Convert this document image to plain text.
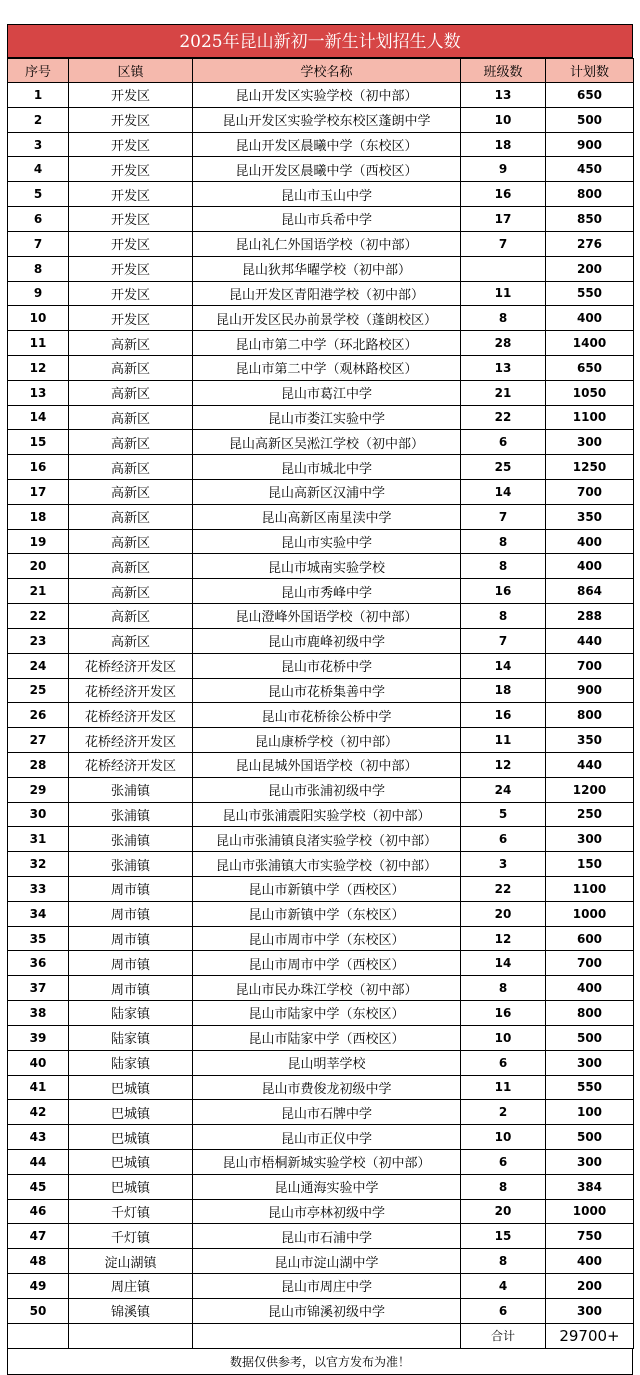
2025年昆山新初一新生计划招生人数
序号	区镇	学校名称	班级数	计划数
1	开发区	昆山开发区实验学校（初中部）	13	650
2	开发区	昆山开发区实验学校东校区蓬朗中学	10	500
3	开发区	昆山开发区晨曦中学（东校区）	18	900
4	开发区	昆山开发区晨曦中学（西校区）	9	450
5	开发区	昆山市玉山中学	16	800
6	开发区	昆山市兵希中学	17	850
7	开发区	昆山礼仁外国语学校（初中部）	7	276
8	开发区	昆山狄邦华曜学校（初中部）		200
9	开发区	昆山开发区青阳港学校（初中部）	11	550
10	开发区	昆山开发区民办前景学校（蓬朗校区）	8	400
11	高新区	昆山市第二中学（环北路校区）	28	1400
12	高新区	昆山市第二中学（观林路校区）	13	650
13	高新区	昆山市葛江中学	21	1050
14	高新区	昆山市娄江实验中学	22	1100
15	高新区	昆山高新区吴淞江学校（初中部）	6	300
16	高新区	昆山市城北中学	25	1250
17	高新区	昆山高新区汉浦中学	14	700
18	高新区	昆山高新区南星渎中学	7	350
19	高新区	昆山市实验中学	8	400
20	高新区	昆山市城南实验学校	8	400
21	高新区	昆山市秀峰中学	16	864
22	高新区	昆山澄峰外国语学校（初中部）	8	288
23	高新区	昆山市鹿峰初级中学	7	440
24	花桥经济开发区	昆山市花桥中学	14	700
25	花桥经济开发区	昆山市花桥集善中学	18	900
26	花桥经济开发区	昆山市花桥徐公桥中学	16	800
27	花桥经济开发区	昆山康桥学校（初中部）	11	350
28	花桥经济开发区	昆山昆城外国语学校（初中部）	12	440
29	张浦镇	昆山市张浦初级中学	24	1200
30	张浦镇	昆山市张浦震阳实验学校（初中部）	5	250
31	张浦镇	昆山市张浦镇良渚实验学校（初中部）	6	300
32	张浦镇	昆山市张浦镇大市实验学校（初中部）	3	150
33	周市镇	昆山市新镇中学（西校区）	22	1100
34	周市镇	昆山市新镇中学（东校区）	20	1000
35	周市镇	昆山市周市中学（东校区）	12	600
36	周市镇	昆山市周市中学（西校区）	14	700
37	周市镇	昆山市民办珠江学校（初中部）	8	400
38	陆家镇	昆山市陆家中学（东校区）	16	800
39	陆家镇	昆山市陆家中学（西校区）	10	500
40	陆家镇	昆山明莘学校	6	300
41	巴城镇	昆山市费俊龙初级中学	11	550
42	巴城镇	昆山市石牌中学	2	100
43	巴城镇	昆山市正仪中学	10	500
44	巴城镇	昆山市梧桐新城实验学校（初中部）	6	300
45	巴城镇	昆山通海实验中学	8	384
46	千灯镇	昆山市亭林初级中学	20	1000
47	千灯镇	昆山市石浦中学	15	750
48	淀山湖镇	昆山市淀山湖中学	8	400
49	周庄镇	昆山市周庄中学	4	200
50	锦溪镇	昆山市锦溪初级中学	6	300
			合计	29700+
数据仅供参考，以官方发布为准！
